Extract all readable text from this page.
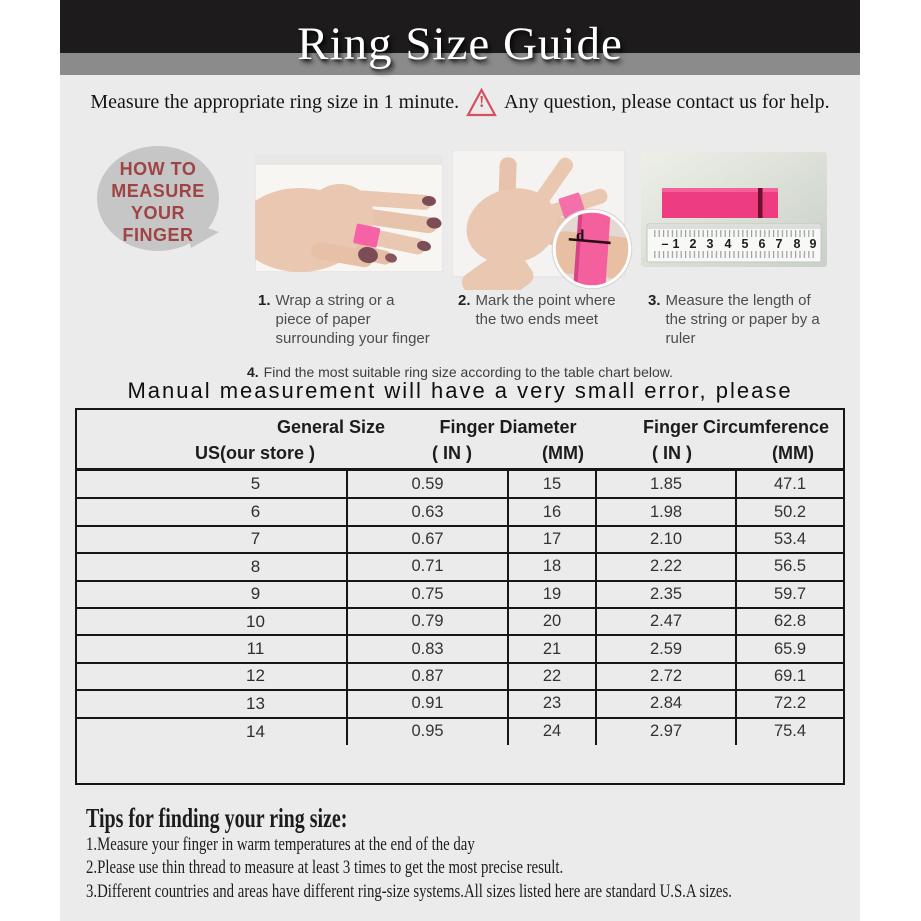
Ring Size Guide
Measure the appropriate ring size in 1 minute.	! Any question, please contact us for help.
HOW TO
MEASURE
YOUR
FINGER	d	– 1 2 3 4 5 6 7 8 9
1. Wrap a string or a piece of paper surrounding your finger
2. Mark the point where the two ends meet
3. Measure the length of the string or paper by a ruler
4. Find the most suitable ring size according to the table chart below.
Manual measurement will have a very small error, please
General Size	Finger Diameter	Finger Circumference
US(our store )	( IN )	(MM)	( IN )	(MM)
5	0.59	15	1.85	47.1
6	0.63	16	1.98	50.2
7	0.67	17	2.10	53.4
8	0.71	18	2.22	56.5
9	0.75	19	2.35	59.7
10	0.79	20	2.47	62.8
11	0.83	21	2.59	65.9
12	0.87	22	2.72	69.1
13	0.91	23	2.84	72.2
14	0.95	24	2.97	75.4
Tips for finding your ring size:
1.Measure your finger in warm temperatures at the end of the day
2.Please use thin thread to measure at least 3 times to get the most precise result.
3.Different countries and areas have different ring-size systems.All sizes listed here are standard U.S.A sizes.
